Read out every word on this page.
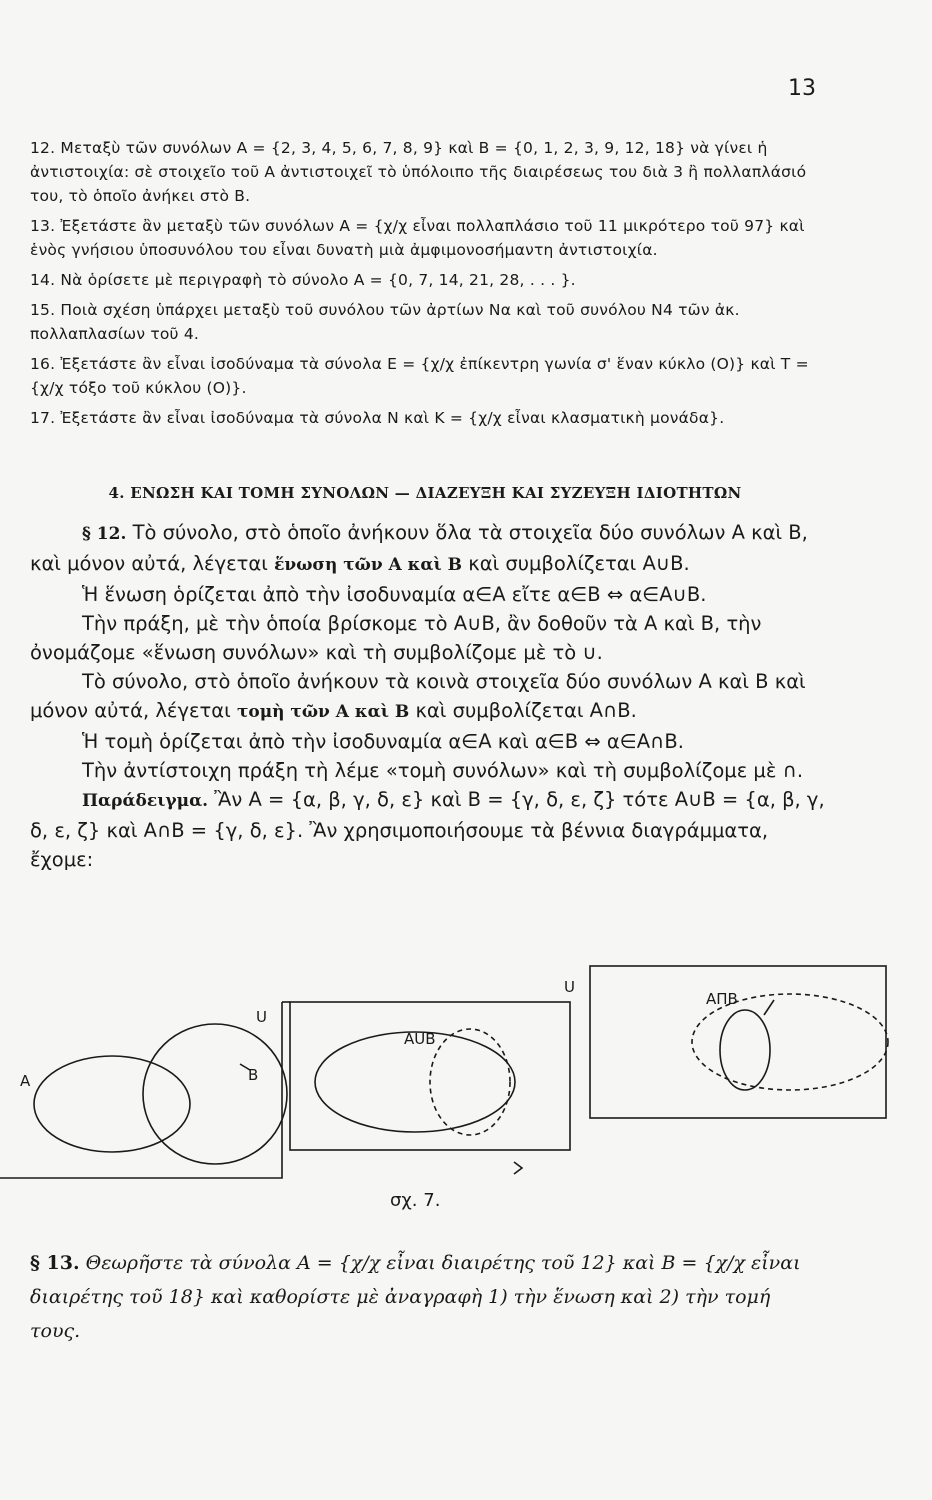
13

12. Μεταξὺ τῶν συνόλων Α = {2, 3, 4, 5, 6, 7, 8, 9} καὶ Β = {0, 1, 2, 3, 9, 12, 18} νὰ γίνει ἡ ἀντιστοιχία: σὲ στοιχεῖο τοῦ Α ἀντιστοιχεῖ τὸ ὑπόλοιπο τῆς διαιρέσεως του διὰ 3 ἢ πολλαπλάσιό του, τὸ ὁποῖο ἀνήκει στὸ Β.

13. Ἐξετάστε ἂν μεταξὺ τῶν συνόλων Α = {χ/χ εἶναι πολλαπλάσιο τοῦ 11 μικρότερο τοῦ 97} καὶ ἑνὸς γνήσιου ὑποσυνόλου του εἶναι δυνατὴ μιὰ ἀμφιμονοσήμαντη ἀντιστοιχία.

14. Νὰ ὁρίσετε μὲ περιγραφὴ τὸ σύνολο Α = {0, 7, 14, 21, 28, . . . }.

15. Ποιὰ σχέση ὑπάρχει μεταξὺ τοῦ συνόλου τῶν ἀρτίων Να καὶ τοῦ συνόλου Ν4 τῶν ἀκ. πολλαπλασίων τοῦ 4.

16. Ἐξετάστε ἂν εἶναι ἰσοδύναμα τὰ σύνολα Ε = {χ/χ ἐπίκεντρη γωνία σ' ἕναν κύκλο (Ο)} καὶ Τ = {χ/χ τόξο τοῦ κύκλου (Ο)}.

17. Ἐξετάστε ἂν εἶναι ἰσοδύναμα τὰ σύνολα Ν καὶ Κ = {χ/χ εἶναι κλασματικὴ μονάδα}.

4. ΕΝΩΣΗ ΚΑΙ ΤΟΜΗ ΣΥΝΟΛΩΝ — ΔΙΑΖΕΥΞΗ ΚΑΙ ΣΥΖΕΥΞΗ ΙΔΙΟΤΗΤΩΝ

§ 12. Τὸ σύνολο, στὸ ὁποῖο ἀνήκουν ὅλα τὰ στοιχεῖα δύο συνόλων Α καὶ Β, καὶ μόνον αὐτά, λέγεται ἕνωση τῶν Α καὶ Β καὶ συμβολίζεται Α∪Β.

Ἡ ἕνωση ὁρίζεται ἀπὸ τὴν ἰσοδυναμία α∈Α εἴτε α∈Β ⇔ α∈Α∪Β.

Τὴν πράξη, μὲ τὴν ὁποία βρίσκομε τὸ Α∪Β, ἂν δοθοῦν τὰ Α καὶ Β, τὴν ὀνομάζομε «ἕνωση συνόλων» καὶ τὴ συμβολίζομε μὲ τὸ ∪.

Τὸ σύνολο, στὸ ὁποῖο ἀνήκουν τὰ κοινὰ στοιχεῖα δύο συνόλων Α καὶ Β καὶ μόνον αὐτά, λέγεται τομὴ τῶν Α καὶ Β καὶ συμβολίζεται Α∩Β.

Ἡ τομὴ ὁρίζεται ἀπὸ τὴν ἰσοδυναμία α∈Α καὶ α∈Β ⇔ α∈Α∩Β.

Τὴν ἀντίστοιχη πράξη τὴ λέμε «τομὴ συνόλων» καὶ τὴ συμβολίζομε μὲ ∩.

Παράδειγμα. Ἂν Α = {α, β, γ, δ, ε} καὶ Β = {γ, δ, ε, ζ} τότε Α∪Β = {α, β, γ, δ, ε, ζ} καὶ Α∩Β = {γ, δ, ε}. Ἂν χρησιμοποιήσουμε τὰ βέννια διαγράμματα, ἔχομε:

U
A	B
AUB
U
AΠB
σχ. 7.
§ 13. Θεωρῆστε τὰ σύνολα Α = {χ/χ εἶναι διαιρέτης τοῦ 12} καὶ Β = {χ/χ εἶναι διαιρέτης τοῦ 18} καὶ καθορίστε μὲ ἀναγραφὴ 1) τὴν ἕνωση καὶ 2) τὴν τομή τους.
